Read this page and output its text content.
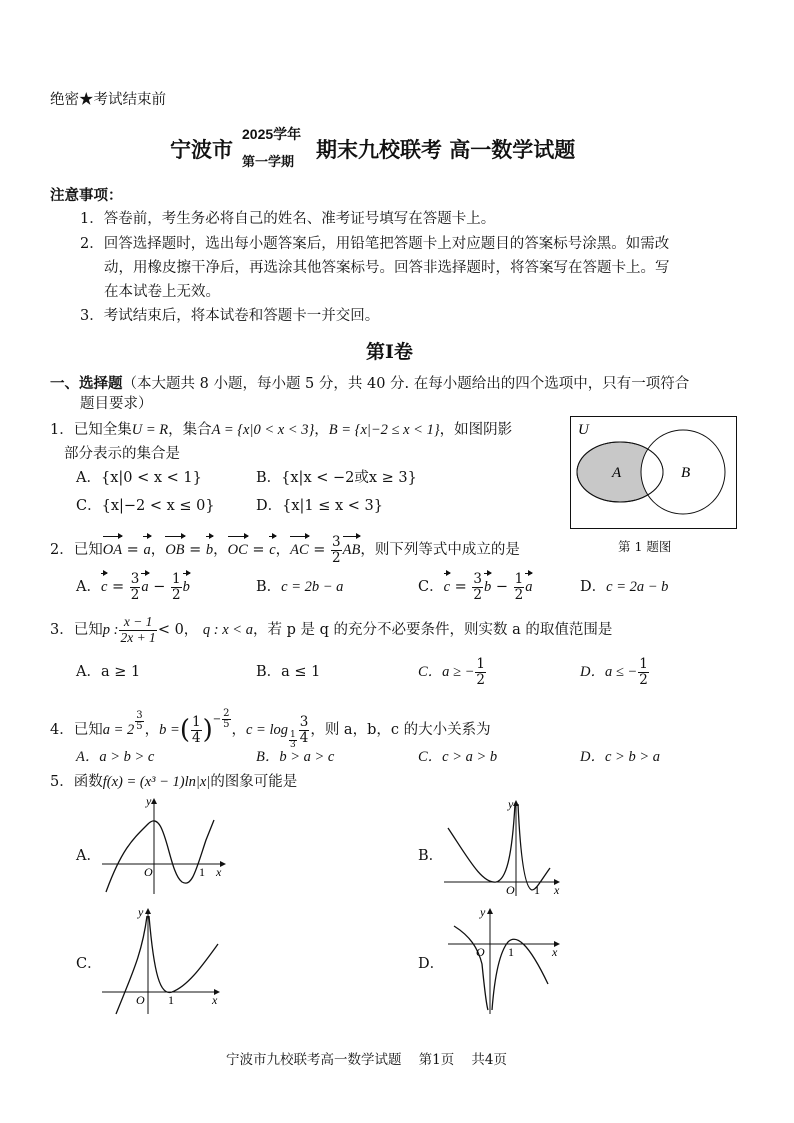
绝密★考试结束前
宁波市
2025学年
第一学期
期末九校联考 高一数学试题
注意事项：
1．答卷前，考生务必将自己的姓名、准考证号填写在答题卡上。
2．回答选择题时，选出每小题答案后，用铅笔把答题卡上对应题目的答案标号涂黑。如需改
动，用橡皮擦干净后，再选涂其他答案标号。回答非选择题时，将答案写在答题卡上。写
在本试卷上无效。
3．考试结束后，将本试卷和答题卡一并交回。
第Ⅰ卷
一、选择题（本大题共 8 小题，每小题 5 分，共 40 分. 在每小题给出的四个选项中，只有一项符合
题目要求）
1．已知全集U = R，集合A = {x|0 < x < 3}，B = {x|−2 ≤ x < 1}，如图阴影
部分表示的集合是
A．{x|0 < x < 1}	B．{x|x < −2或x ≥ 3}
C．{x|−2 < x ≤ 0}	D．{x|1 ≤ x < 3}
U
A	B
第 1 题图
2．已知OA = a，OB = b，OC = c，AC = $\frac{3}{2}$ AB，则下列等式中成立的是
A．$c = \frac{3}{2}$ $a - \frac{1}{2}$ b	B．c = 2b − a	C．$c = \frac{3}{2}$ $b - \frac{1}{2}$ a	D．c = 2a − b
3．已知p : $\frac{x - 1}{2x + 1} < 0$， q : x < a，若 p 是 q 的充分不必要条件，则实数 a 的取值范围是
A．a ≥ 1	B．a ≤ 1	C．a ≥ − $\frac{1}{2}$	D．a ≤ − $\frac{1}{2}$
4．已知a = 2 $^{\frac{3}{5}}$ ，b =( $\frac{1}{4} )^{- \frac{2}{5}}$ ，c = log
$_{\frac{1}{3}} \frac{3}{4}$ ，则 a，b，c 的大小关系为
A．a > b > c	B．b > a > c	C．c > a > b	D．c > b > a
5．函数f(x) = (x³ − 1)ln|x|的图象可能是
A．
y
x
O	1
B．
y
x
O 1
C．
y
x
O 1
D．
y
x
O 1
宁波市九校联考高一数学试题    第1页    共4页
